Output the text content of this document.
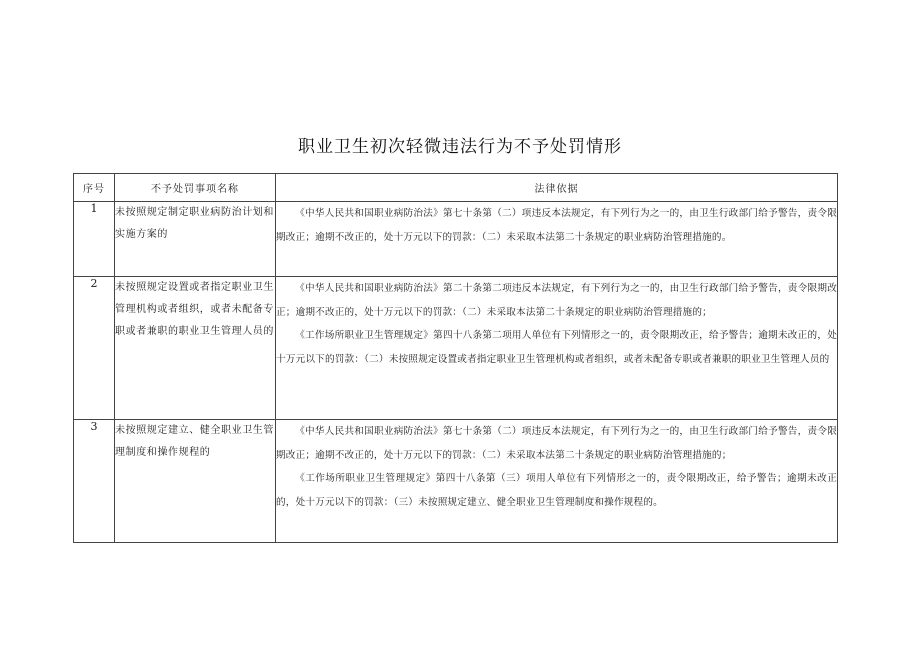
职业卫生初次轻微违法行为不予处罚情形
序号	不予处罚事项名称	法律依据
1	未按照规定制定职业病防治计划和实施方案的	《中华人民共和国职业病防治法》第七十条第（二）项违反本法规定，有下列行为之一的，由卫生行政部门给予警告，责令限期改正；逾期不改正的，处十万元以下的罚款：（二）未采取本法第二十条规定的职业病防治管理措施的。

2	未按照规定设置或者指定职业卫生管理机构或者组织，或者未配备专职或者兼职的职业卫生管理人员的	《中华人民共和国职业病防治法》第二十条第二项违反本法规定，有下列行为之一的，由卫生行政部门给予警告，责令限期改正；逾期不改正的，处十万元以下的罚款：（二）未采取本法第二十条规定的职业病防治管理措施的；

《工作场所职业卫生管理规定》第四十八条第二项用人单位有下列情形之一的，责令限期改正，给予警告；逾期未改正的，处十万元以下的罚款：（二）未按照规定设置或者指定职业卫生管理机构或者组织，或者未配备专职或者兼职的职业卫生管理人员的

3	未按照规定建立、健全职业卫生管理制度和操作规程的	《中华人民共和国职业病防治法》第七十条第（二）项违反本法规定，有下列行为之一的，由卫生行政部门给予警告，责令限期改正；逾期不改正的，处十万元以下的罚款：（二）未采取本法第二十条规定的职业病防治管理措施的；

《工作场所职业卫生管理规定》第四十八条第（三）项用人单位有下列情形之一的，责令限期改正，给予警告；逾期未改正的，处十万元以下的罚款：（三）未按照规定建立、健全职业卫生管理制度和操作规程的。
